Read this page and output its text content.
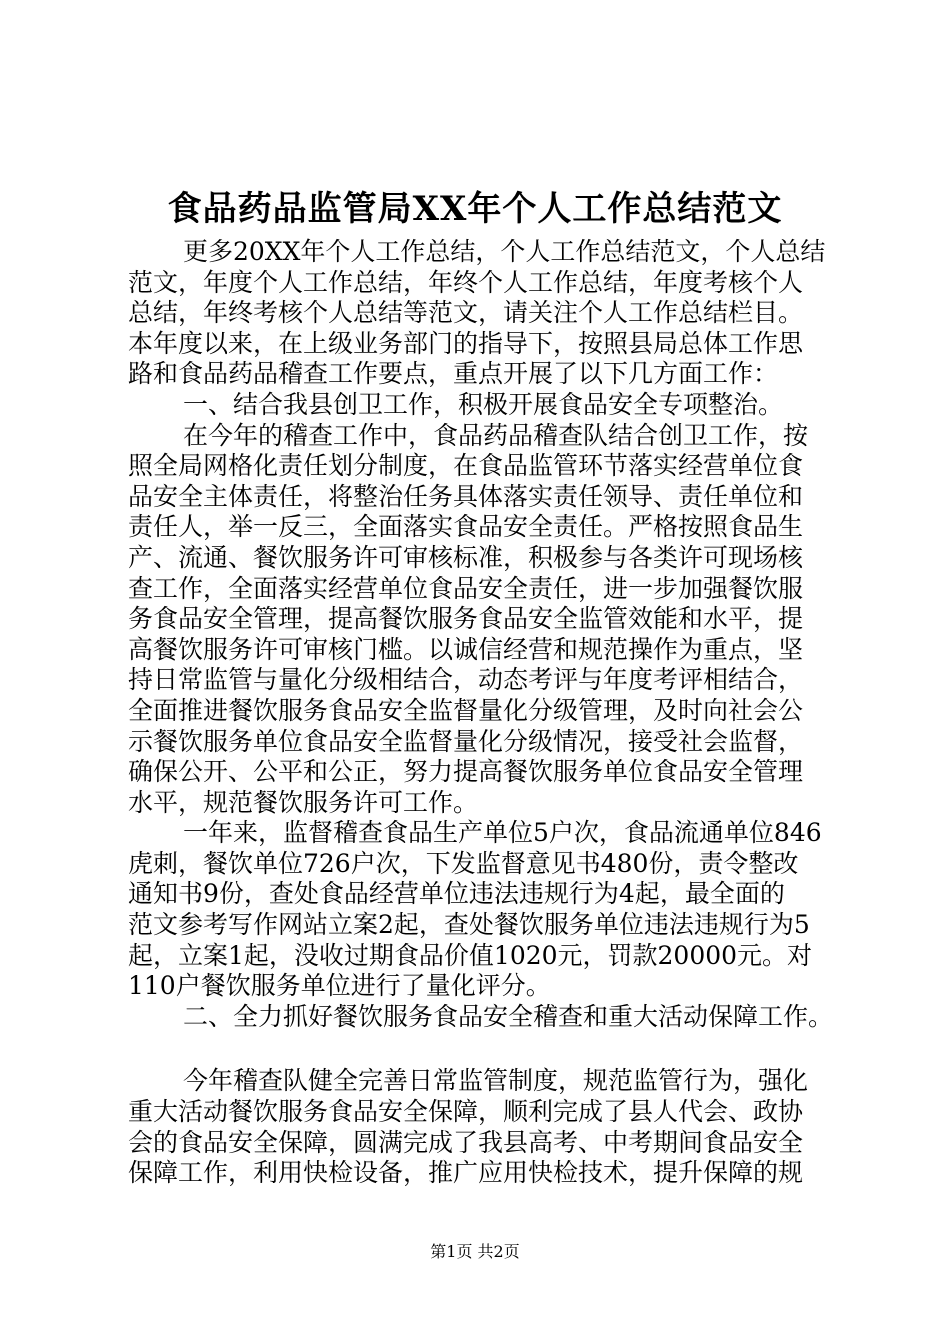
食品药品监管局XX年个人工作总结范文
更多20XX年个人工作总结，个人工作总结范文，个人总结
范文，年度个人工作总结，年终个人工作总结，年度考核个人
总结，年终考核个人总结等范文，请关注个人工作总结栏目。
本年度以来，在上级业务部门的指导下，按照县局总体工作思
路和食品药品稽查工作要点，重点开展了以下几方面工作：
一、结合我县创卫工作，积极开展食品安全专项整治。
在今年的稽查工作中，食品药品稽查队结合创卫工作，按
照全局网格化责任划分制度，在食品监管环节落实经营单位食
品安全主体责任，将整治任务具体落实责任领导、责任单位和
责任人，举一反三，全面落实食品安全责任。严格按照食品生
产、流通、餐饮服务许可审核标准，积极参与各类许可现场核
查工作，全面落实经营单位食品安全责任，进一步加强餐饮服
务食品安全管理，提高餐饮服务食品安全监管效能和水平，提
高餐饮服务许可审核门槛。以诚信经营和规范操作为重点，坚
持日常监管与量化分级相结合，动态考评与年度考评相结合，
全面推进餐饮服务食品安全监督量化分级管理，及时向社会公
示餐饮服务单位食品安全监督量化分级情况，接受社会监督，
确保公开、公平和公正，努力提高餐饮服务单位食品安全管理
水平，规范餐饮服务许可工作。
一年来，监督稽查食品生产单位5户次，食品流通单位846
虎刺，餐饮单位726户次，下发监督意见书480份，责令整改
通知书9份，查处食品经营单位违法违规行为4起，最全面的
范文参考写作网站立案2起，查处餐饮服务单位违法违规行为5
起，立案1起，没收过期食品价值1020元，罚款20000元。对
110户餐饮服务单位进行了量化评分。
二、全力抓好餐饮服务食品安全稽查和重大活动保障工作。
今年稽查队健全完善日常监管制度，规范监管行为，强化
重大活动餐饮服务食品安全保障，顺利完成了县人代会、政协
会的食品安全保障，圆满完成了我县高考、中考期间食品安全
保障工作，利用快检设备，推广应用快检技术，提升保障的规
第1页 共2页
